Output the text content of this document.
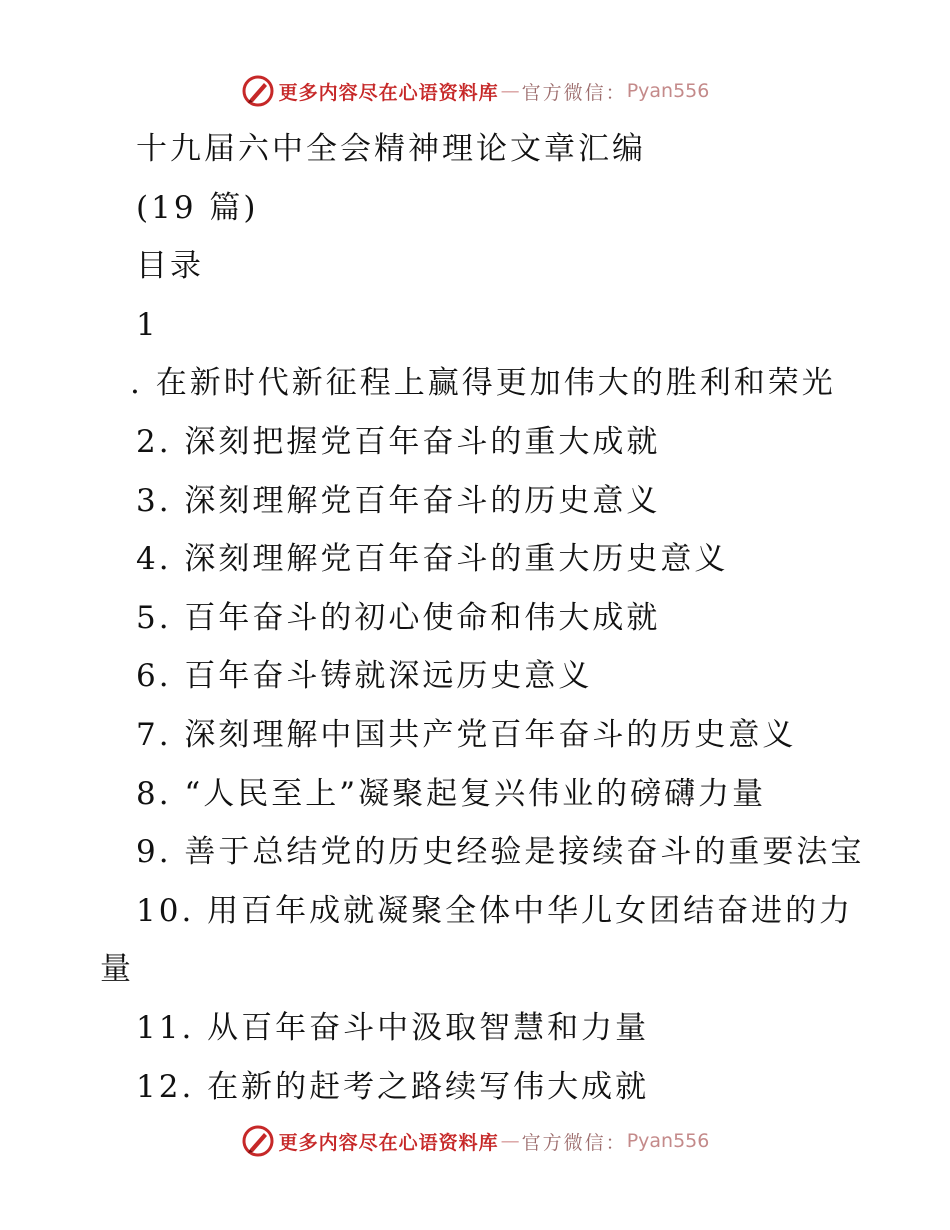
更多内容尽在心语资料库 — 官方微信： Pyan556
十九届六中全会精神理论文章汇编
(19 篇)
目录
1
. 在新时代新征程上赢得更加伟大的胜利和荣光
2. 深刻把握党百年奋斗的重大成就
3. 深刻理解党百年奋斗的历史意义
4. 深刻理解党百年奋斗的重大历史意义
5. 百年奋斗的初心使命和伟大成就
6. 百年奋斗铸就深远历史意义
7. 深刻理解中国共产党百年奋斗的历史意义
8. “人民至上”凝聚起复兴伟业的磅礴力量
9. 善于总结党的历史经验是接续奋斗的重要法宝
10. 用百年成就凝聚全体中华儿女团结奋进的力
量
11. 从百年奋斗中汲取智慧和力量
12. 在新的赶考之路续写伟大成就
更多内容尽在心语资料库 — 官方微信： Pyan556
